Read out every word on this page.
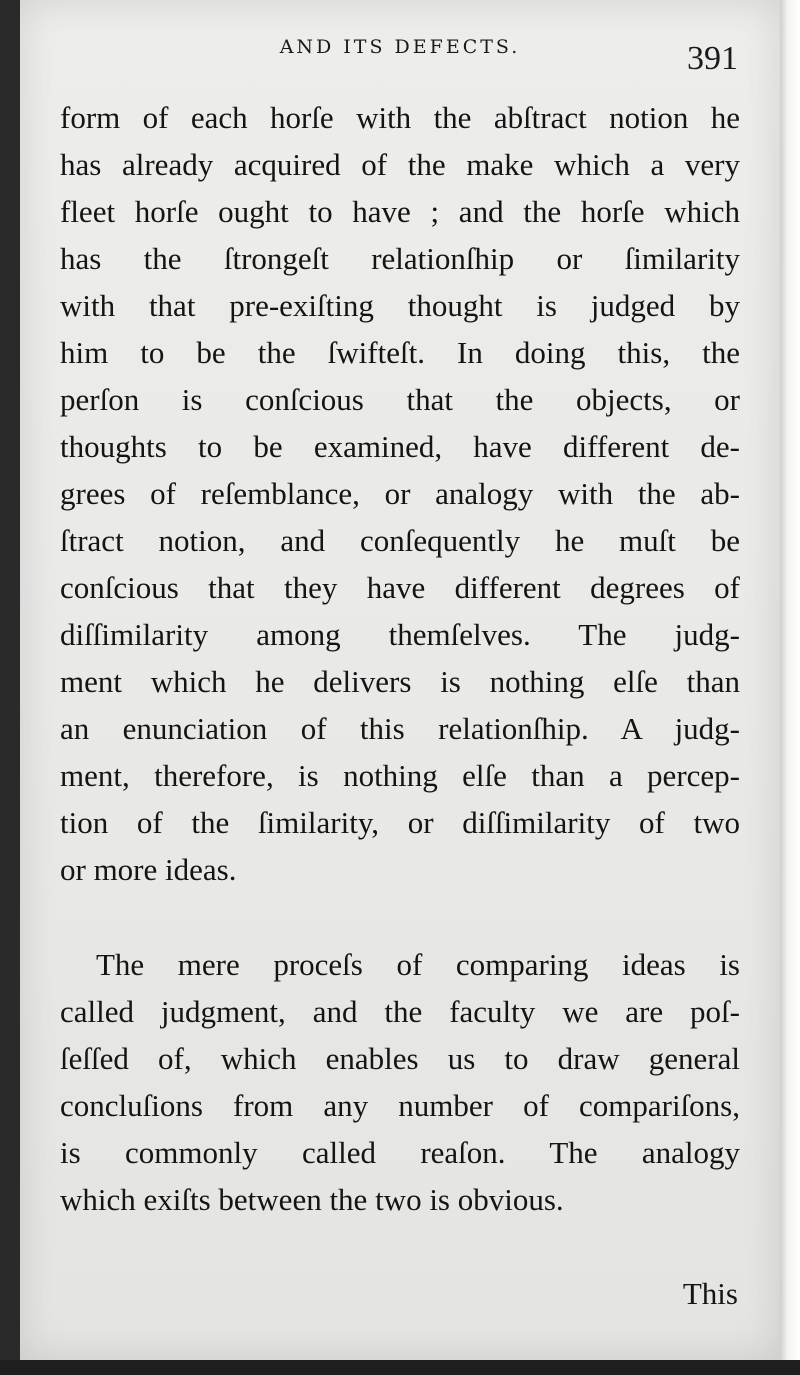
AND ITS DEFECTS.	391
form of each horſe with the abſtract notion he
has already acquired of the make which a very
fleet horſe ought to have ; and the horſe which
has the ſtrongeſt relationſhip or ſimilarity
with that pre-exiſting thought is judged by
him to be the ſwifteſt. In doing this, the
perſon is conſcious that the objects, or
thoughts to be examined, have different de-
grees of reſemblance, or analogy with the ab-
ſtract notion, and conſequently he muſt be
conſcious that they have different degrees of
diſſimilarity among themſelves. The judg-
ment which he delivers is nothing elſe than
an enunciation of this relationſhip. A judg-
ment, therefore, is nothing elſe than a percep-
tion of the ſimilarity, or diſſimilarity of two
or more ideas.
The mere proceſs of comparing ideas is
called judgment, and the faculty we are poſ-
ſeſſed of, which enables us to draw general
concluſions from any number of compariſons,
is commonly called reaſon. The analogy
which exiſts between the two is obvious.
This
